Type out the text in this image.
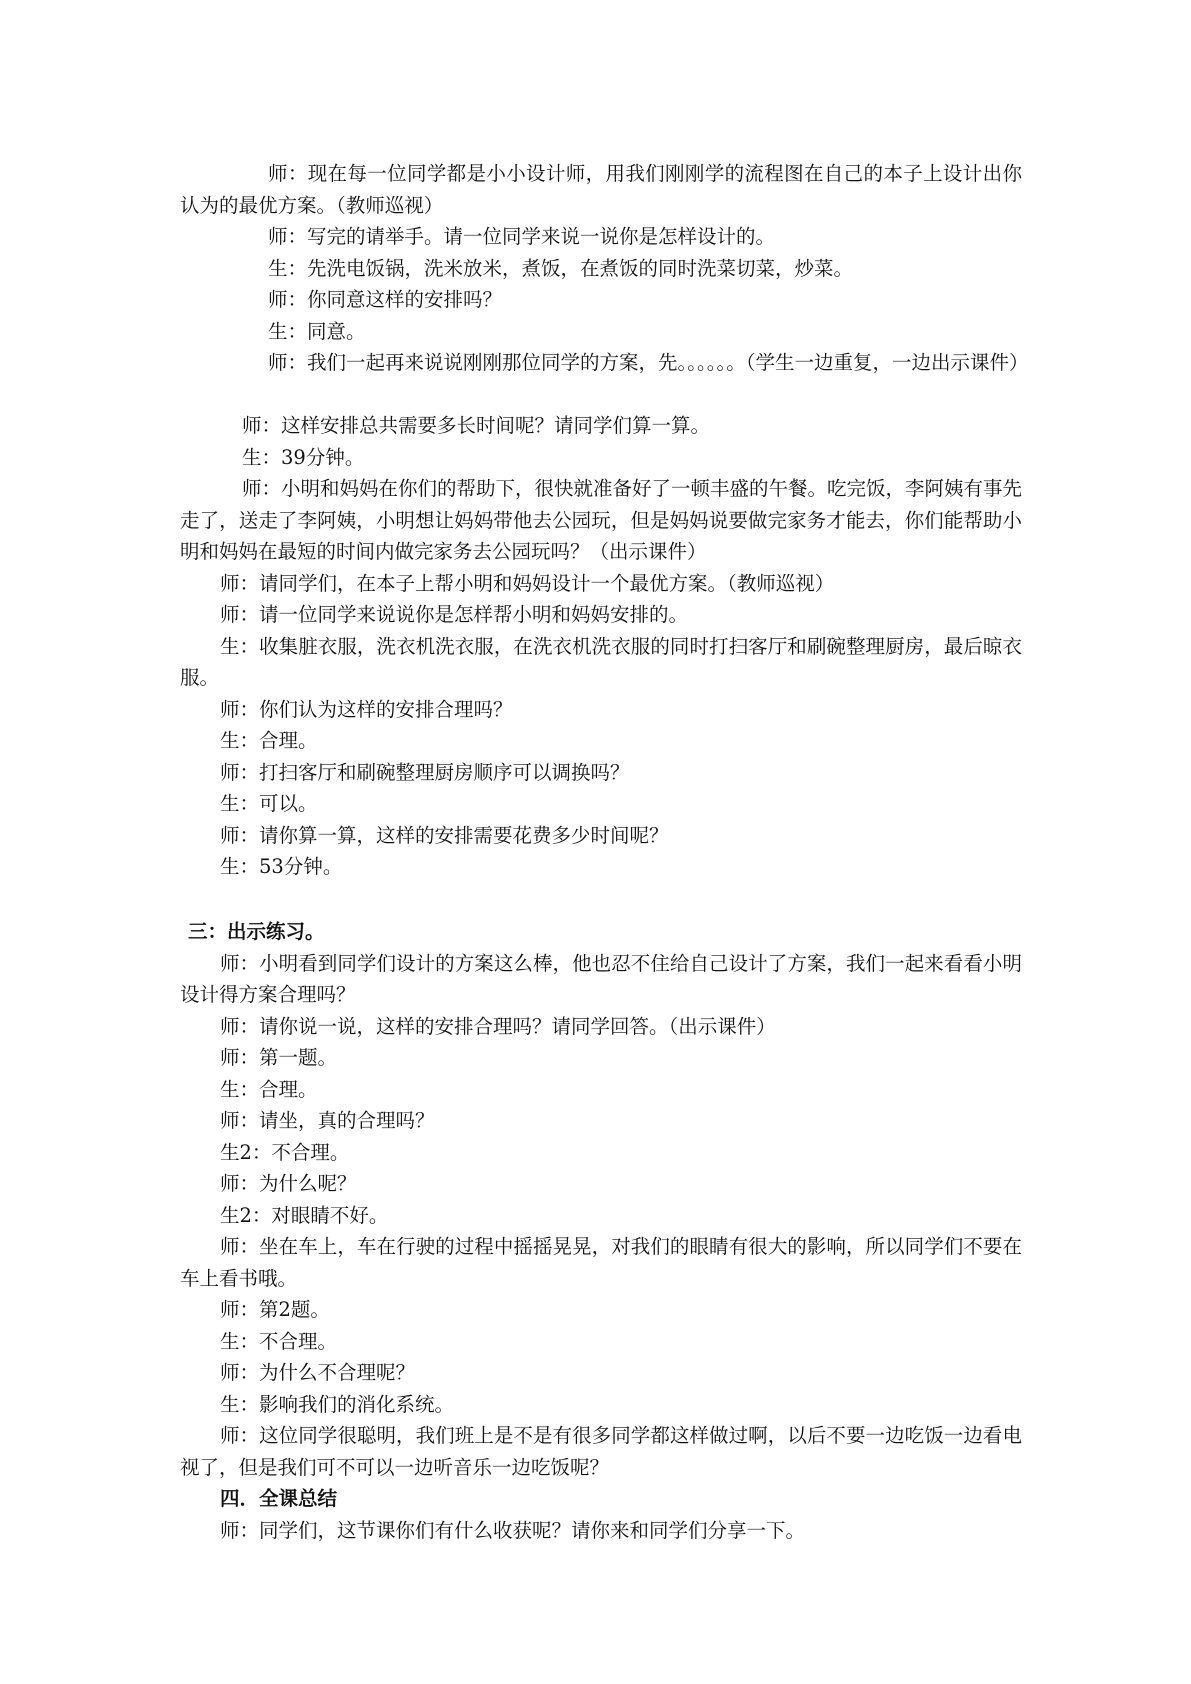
师：现在每一位同学都是小小设计师，用我们刚刚学的流程图在自己的本子上设计出你认为的最优方案。（教师巡视）

师：写完的请举手。请一位同学来说一说你是怎样设计的。

生：先洗电饭锅，洗米放米，煮饭，在煮饭的同时洗菜切菜，炒菜。

师：你同意这样的安排吗？

生：同意。

师：我们一起再来说说刚刚那位同学的方案，先。。。。。。（学生一边重复，一边出示课件）

师：这样安排总共需要多长时间呢？请同学们算一算。

生：39分钟。

师：小明和妈妈在你们的帮助下，很快就准备好了一顿丰盛的午餐。吃完饭，李阿姨有事先走了，送走了李阿姨，小明想让妈妈带他去公园玩，但是妈妈说要做完家务才能去，你们能帮助小明和妈妈在最短的时间内做完家务去公园玩吗？（出示课件）

师：请同学们，在本子上帮小明和妈妈设计一个最优方案。（教师巡视）

师：请一位同学来说说你是怎样帮小明和妈妈安排的。

生：收集脏衣服，洗衣机洗衣服，在洗衣机洗衣服的同时打扫客厅和刷碗整理厨房，最后晾衣服。

师：你们认为这样的安排合理吗？

生：合理。

师：打扫客厅和刷碗整理厨房顺序可以调换吗？

生：可以。

师：请你算一算，这样的安排需要花费多少时间呢？

生：53分钟。

三：出示练习。

师：小明看到同学们设计的方案这么棒，他也忍不住给自己设计了方案，我们一起来看看小明设计得方案合理吗？

师：请你说一说，这样的安排合理吗？请同学回答。（出示课件）

师：第一题。

生：合理。

师：请坐，真的合理吗？

生2：不合理。

师：为什么呢？

生2：对眼睛不好。

师：坐在车上，车在行驶的过程中摇摇晃晃，对我们的眼睛有很大的影响，所以同学们不要在车上看书哦。

师：第2题。

生：不合理。

师：为什么不合理呢？

生：影响我们的消化系统。

师：这位同学很聪明，我们班上是不是有很多同学都这样做过啊，以后不要一边吃饭一边看电视了，但是我们可不可以一边听音乐一边吃饭呢？

四．全课总结

师：同学们，这节课你们有什么收获呢？请你来和同学们分享一下。
